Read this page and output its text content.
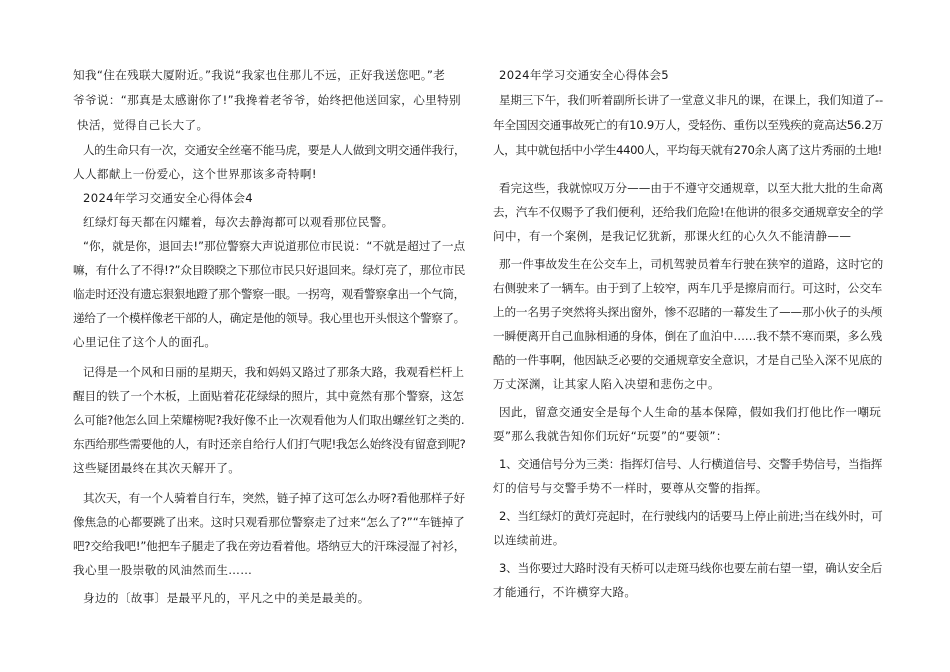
知我“住在残联大厦附近。”我说“我家也住那儿不远，正好我送您吧。”老
爷爷说：“那真是太感谢你了!”我搀着老爷爷，始终把他送回家，心里特别
快活，觉得自己长大了。
人的生命只有一次，交通安全丝毫不能马虎，要是人人做到文明交通伴我行，
人人都献上一份爱心，这个世界那该多奇特啊!
2024年学习交通安全心得体会4
红绿灯每天都在闪耀着，每次去静海都可以观看那位民警。
“你，就是你，退回去!”那位警察大声说道那位市民说：“不就是超过了一点
嘛，有什么了不得!?”众目睽睽之下那位市民只好退回来。绿灯亮了，那位市民
临走时还没有遗忘狠狠地蹬了那个警察一眼。一拐弯，观看警察拿出一个气筒，
递给了一个模样像老干部的人，确定是他的领导。我心里也开头恨这个警察了。
心里记住了这个人的面孔。
记得是一个风和日丽的星期天，我和妈妈又路过了那条大路，我观看栏杆上
醒目的铁了一个木板，上面贴着花花绿绿的照片，其中竟然有那个警察，这怎
么可能?他怎么回上荣耀榜呢?我好像不止一次观看他为人们取出螺丝钉之类的.
东西给那些需要他的人，有时还亲自给行人们打气呢!我怎么始终没有留意到呢?
这些疑团最终在其次天解开了。
其次天，有一个人骑着自行车，突然，链子掉了这可怎么办呀?看他那样子好
像焦急的心都要跳了出来。这时只观看那位警察走了过来“怎么了?”“车链掉了
吧?交给我吧!”他把车子腿走了我在旁边看着他。塔纳豆大的汗珠浸湿了衬衫，
我心里一股崇敬的风油然而生……
身边的〔故事〕是最平凡的，平凡之中的美是最美的。
2024年学习交通安全心得体会5
星期三下午，我们听着副所长讲了一堂意义非凡的课，在课上，我们知道了--
年全国因交通事故死亡的有10.9万人，受轻伤、重伤以至残疾的竟高达56.2万
人，其中就包括中小学生4400人，平均每天就有270余人离了这片秀丽的土地!
看完这些，我就惊叹万分——由于不遵守交通规章，以至大批大批的生命离
去，汽车不仅赐予了我们便利，还给我们危险!在他讲的很多交通规章安全的学
问中，有一个案例，是我记忆犹新，那课火红的心久久不能清静——
那一件事故发生在公交车上，司机驾驶员着车行驶在狭窄的道路，这时它的
右侧驶来了一辆车。由于到了上较窄，两车几乎是擦肩而行。可这时，公交车
上的一名男子突然将头探出窗外，惨不忍睹的一幕发生了——那小伙子的头颅
一瞬便离开自己血脉相通的身体，倒在了血泊中……我不禁不寒而栗，多么残
酷的一件事啊，他因缺乏必要的交通规章安全意识，才是自己坠入深不见底的
万丈深渊，让其家人陷入决望和悲伤之中。
因此，留意交通安全是每个人生命的基本保障，假如我们打他比作一嘲玩
耍”那么我就告知你们玩好“玩耍”的“要领”：
1、交通信号分为三类：指挥灯信号、人行横道信号、交警手势信号，当指挥
灯的信号与交警手势不一样时，要尊从交警的指挥。
2、当红绿灯的黄灯亮起时，在行驶线内的话要马上停止前进;当在线外时，可
以连续前进。
3、当你要过大路时没有天桥可以走斑马线你也要左前右望一望，确认安全后
才能通行，不许横穿大路。
